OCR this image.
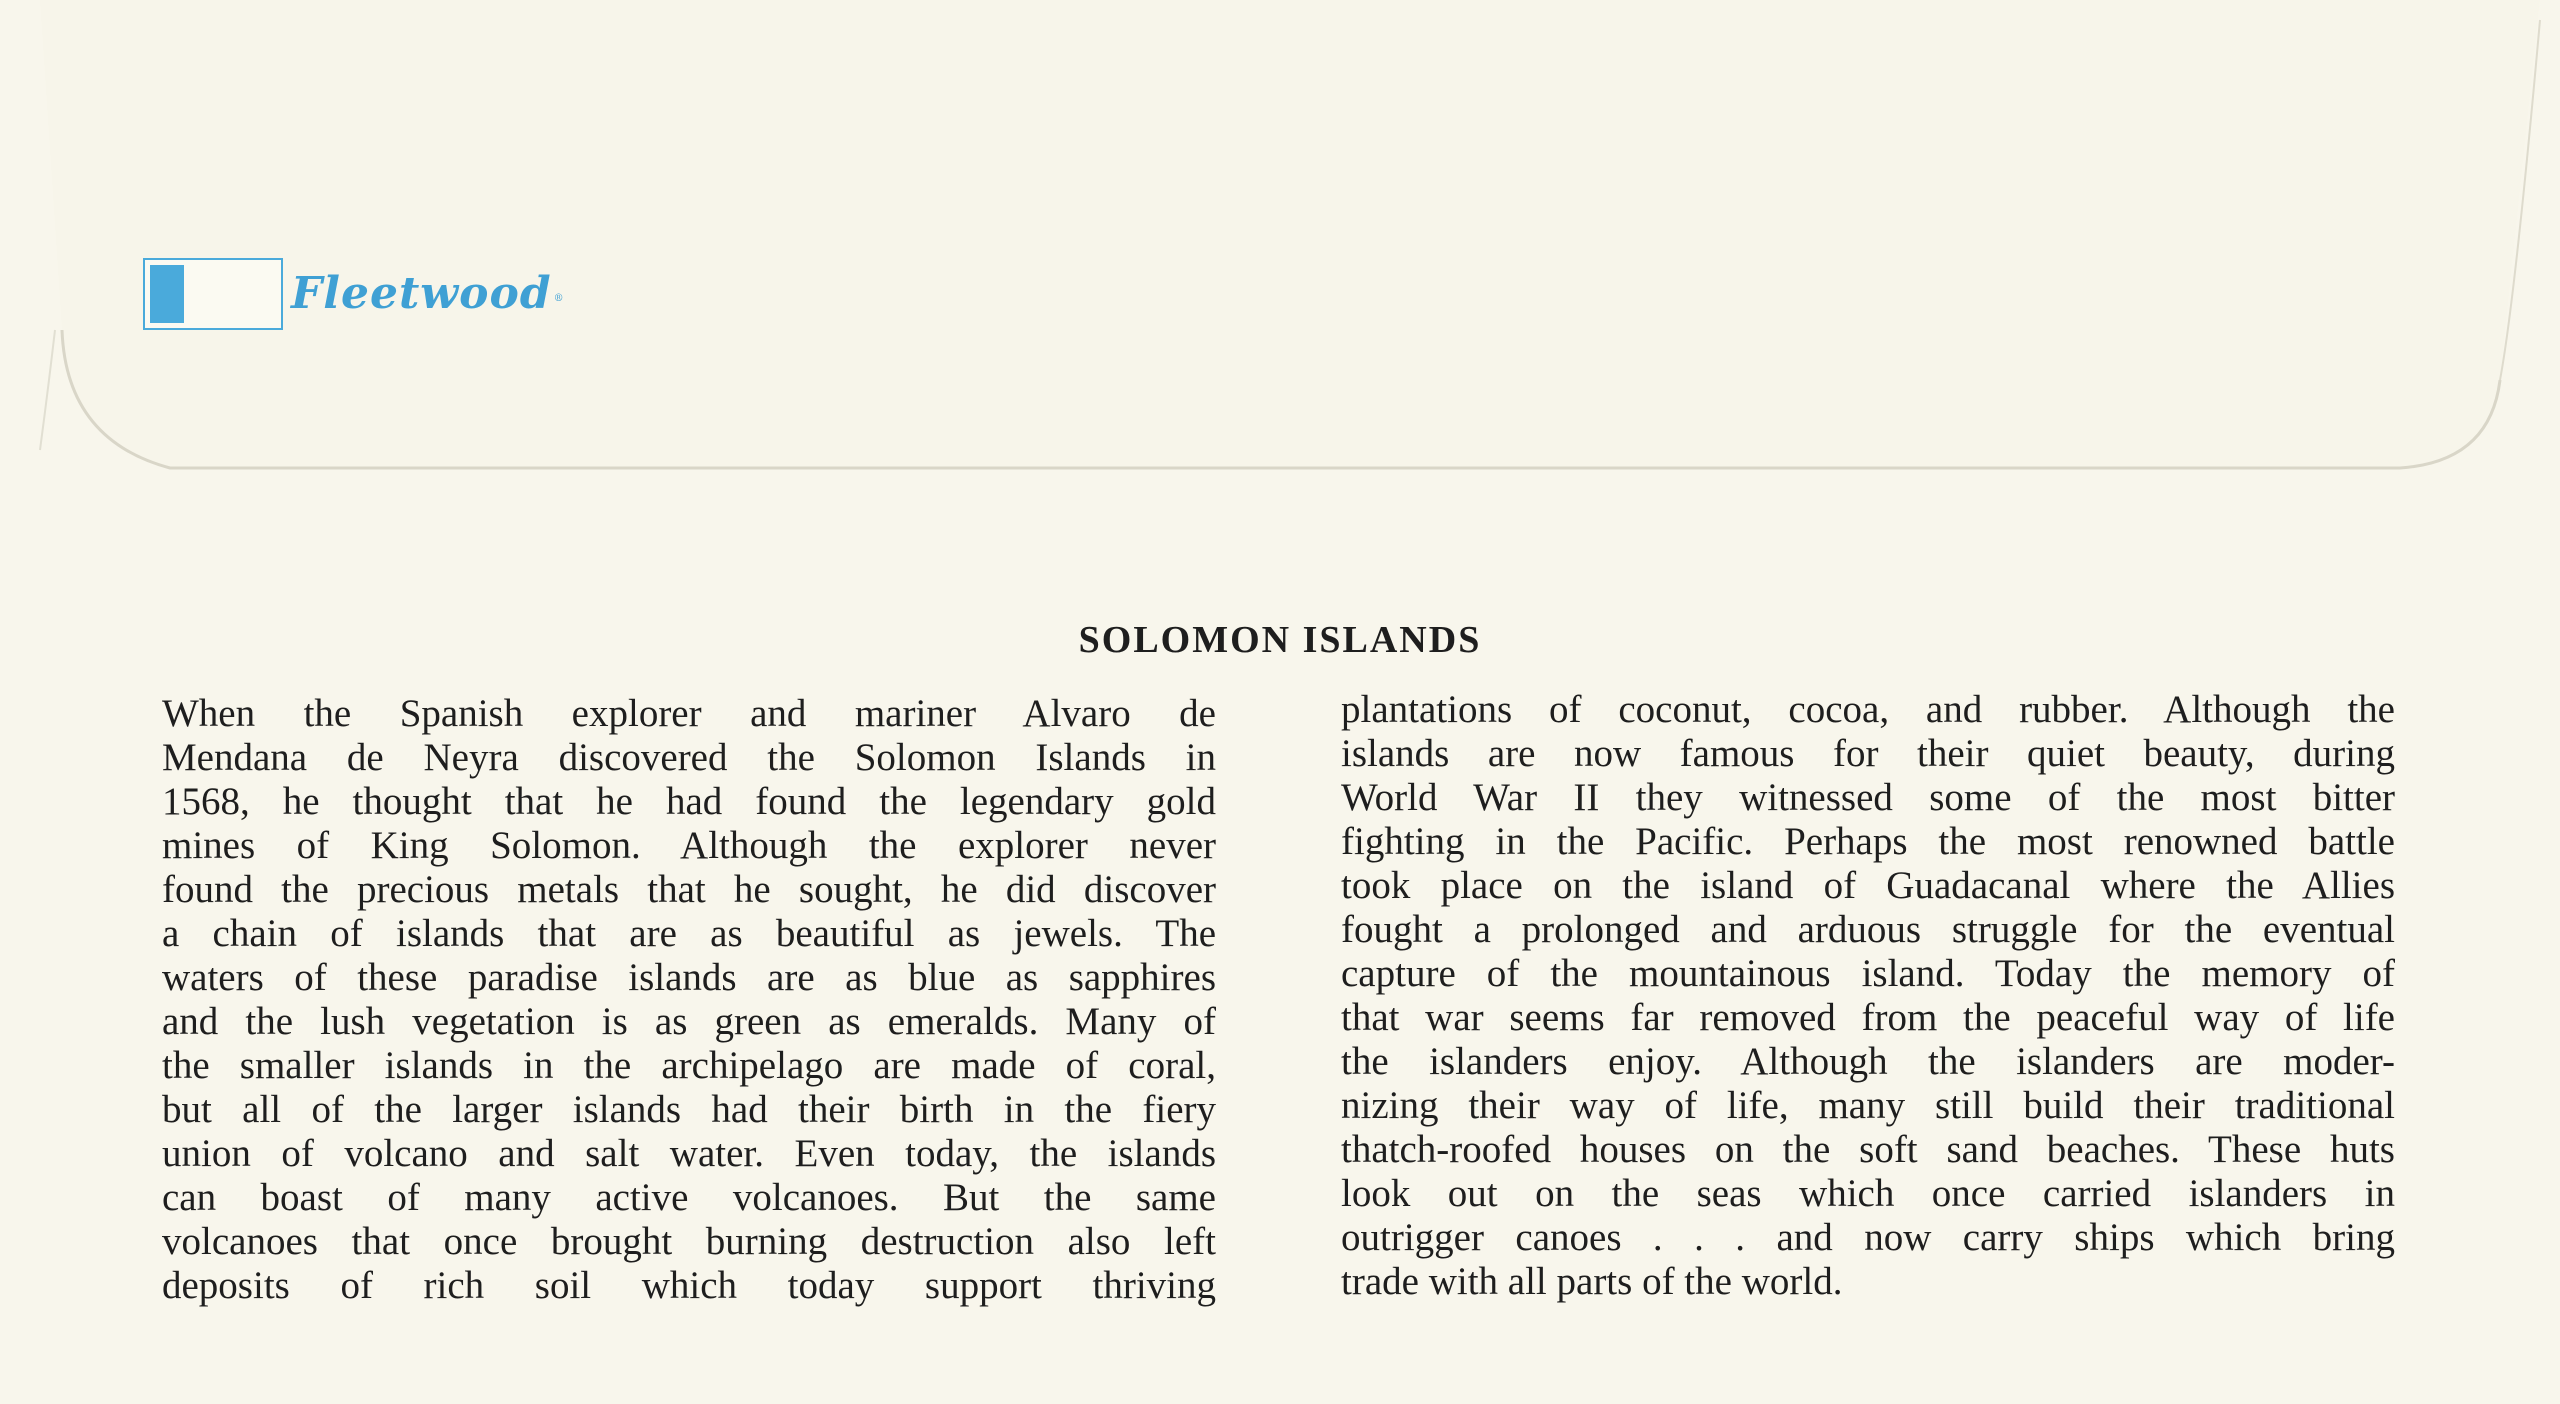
Fleetwood ®
SOLOMON ISLANDS
When the Spanish explorer and mariner Alvaro de
Mendana de Neyra discovered the Solomon Islands in
1568, he thought that he had found the legendary gold
mines of King Solomon. Although the explorer never
found the precious metals that he sought, he did discover
a chain of islands that are as beautiful as jewels. The
waters of these paradise islands are as blue as sapphires
and the lush vegetation is as green as emeralds. Many of
the smaller islands in the archipelago are made of coral,
but all of the larger islands had their birth in the fiery
union of volcano and salt water. Even today, the islands
can boast of many active volcanoes. But the same
volcanoes that once brought burning destruction also left
deposits of rich soil which today support thriving
plantations of coconut, cocoa, and rubber. Although the
islands are now famous for their quiet beauty, during
World War II they witnessed some of the most bitter
fighting in the Pacific. Perhaps the most renowned battle
took place on the island of Guadacanal where the Allies
fought a prolonged and arduous struggle for the eventual
capture of the mountainous island. Today the memory of
that war seems far removed from the peaceful way of life
the islanders enjoy. Although the islanders are moder-
nizing their way of life, many still build their traditional
thatch-roofed houses on the soft sand beaches. These huts
look out on the seas which once carried islanders in
outrigger canoes . . . and now carry ships which bring
trade with all parts of the world.
